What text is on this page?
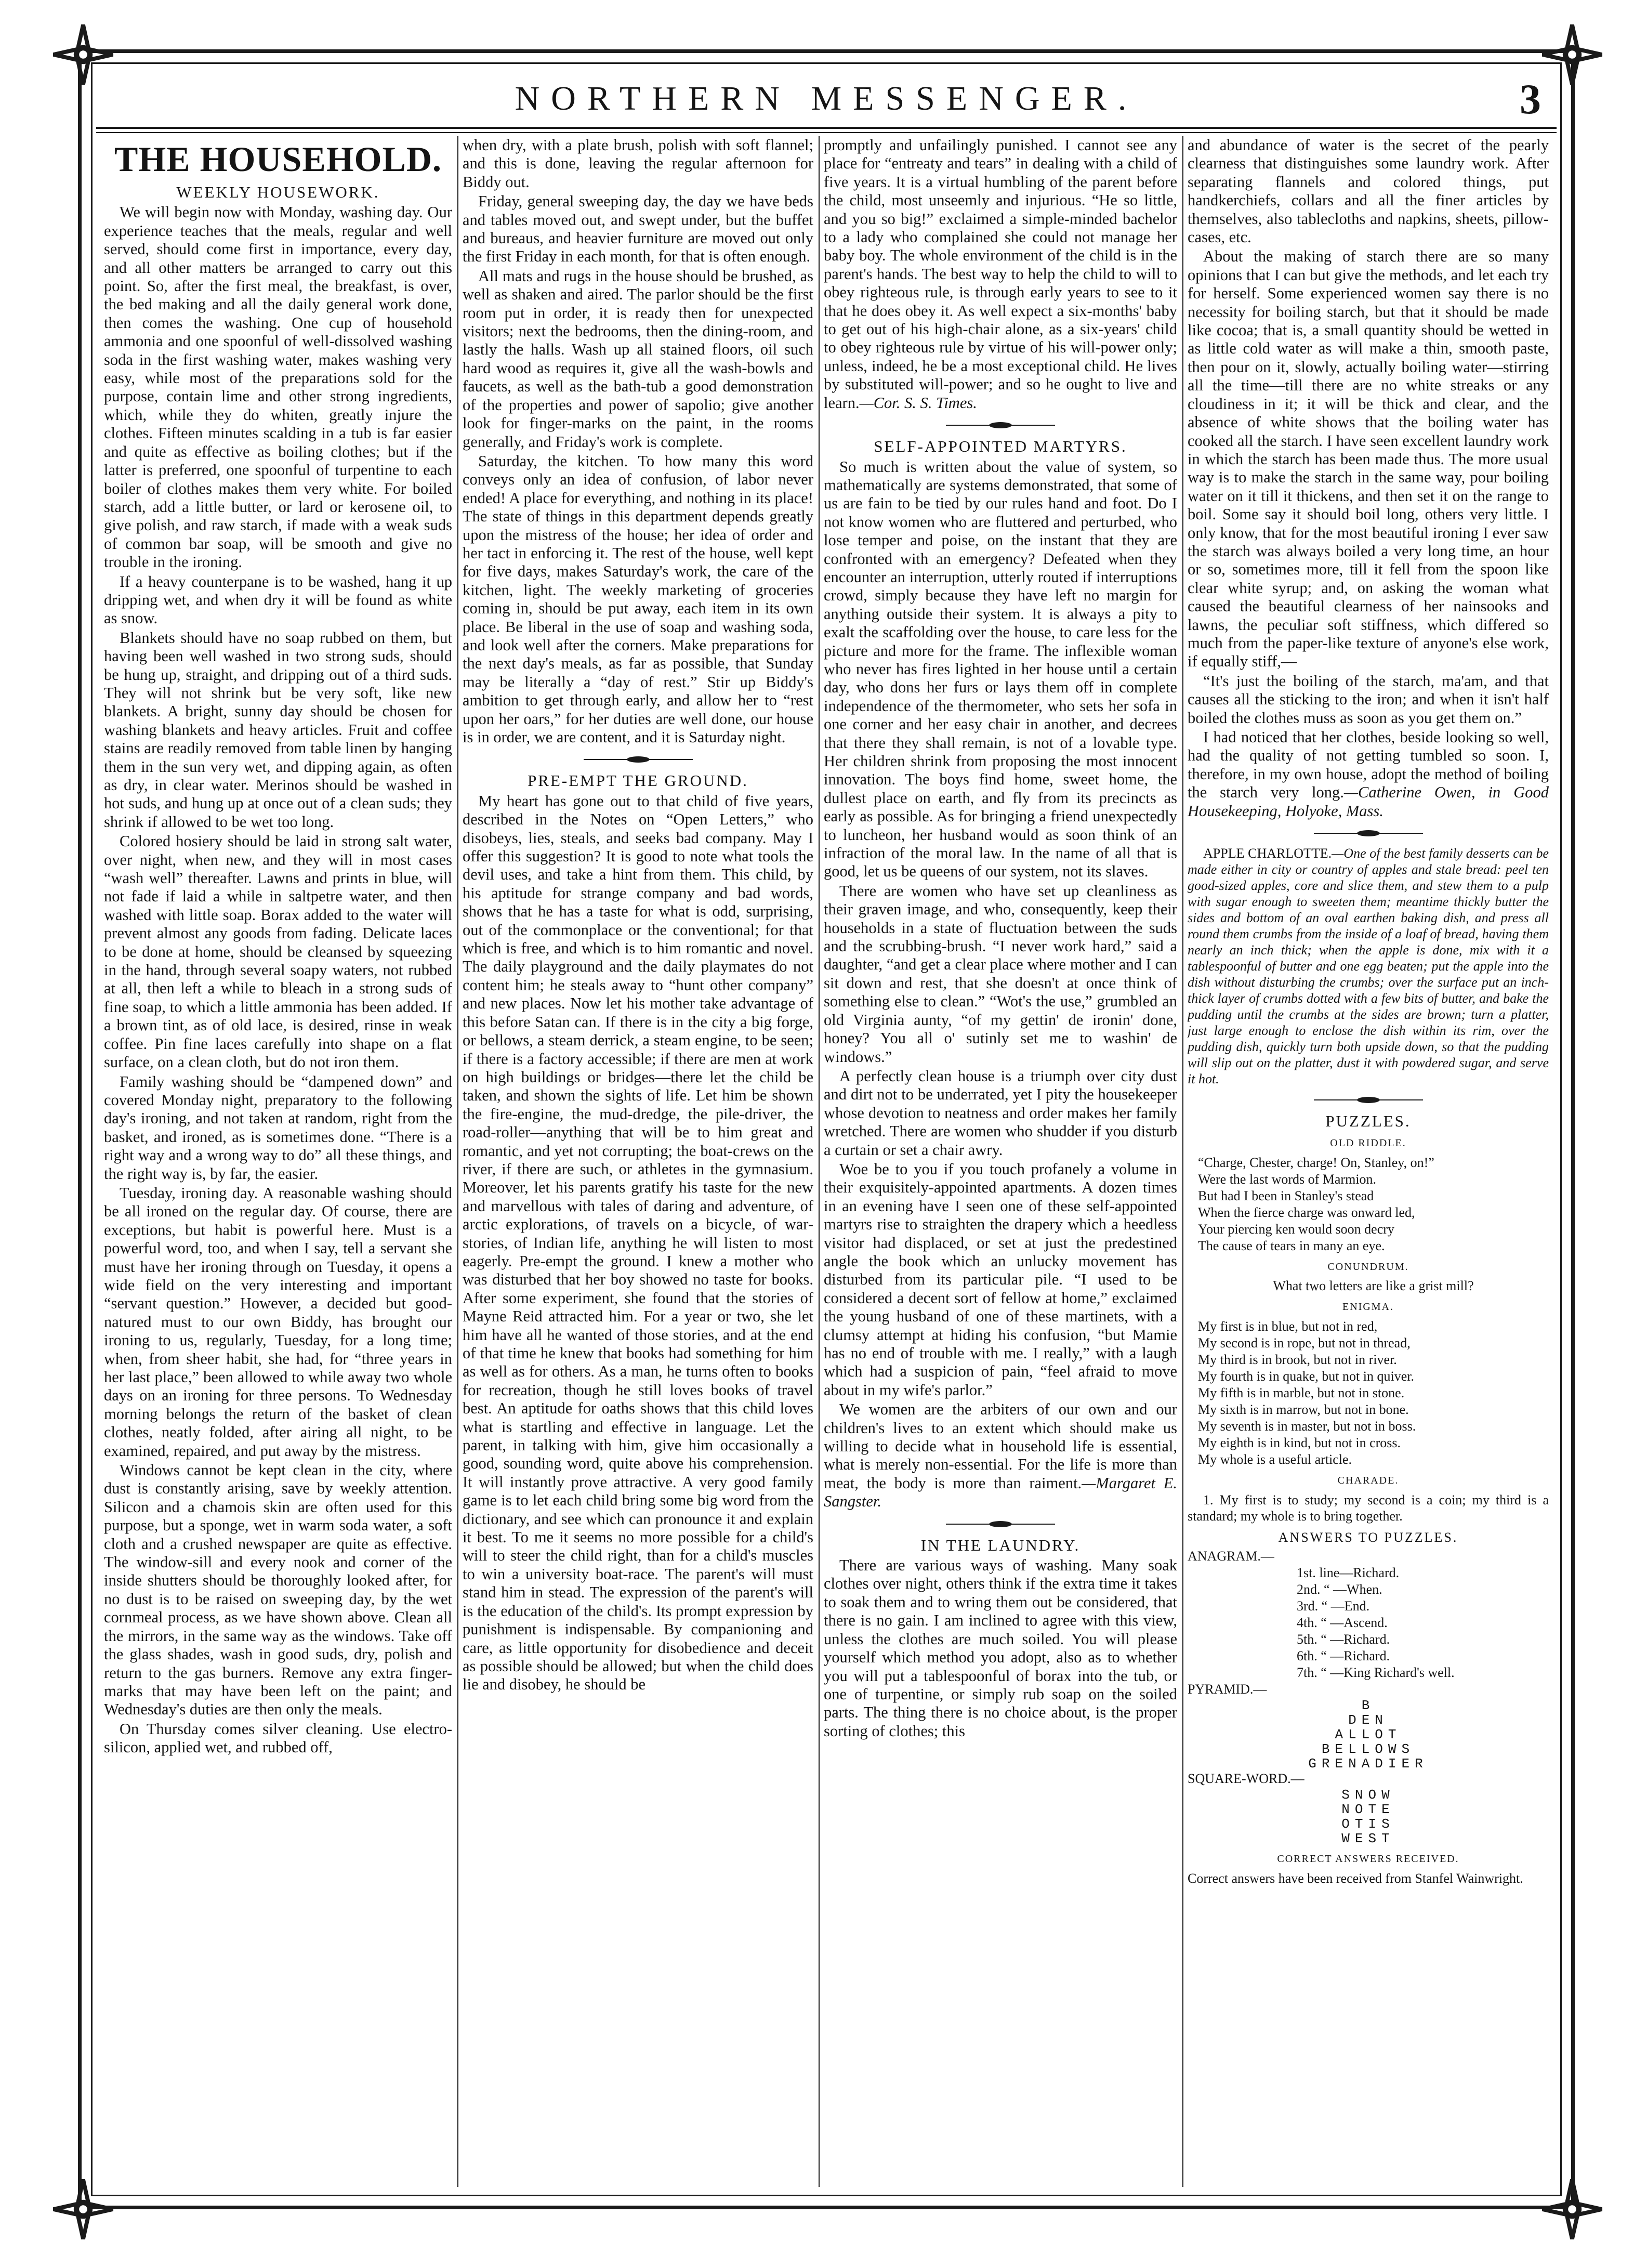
NORTHERN MESSENGER.	3
THE HOUSEHOLD.
WEEKLY HOUSEWORK.

We will begin now with Monday, washing day. Our experience teaches that the meals, regular and well served, should come first in importance, every day, and all other matters be arranged to carry out this point. So, after the first meal, the breakfast, is over, the bed making and all the daily general work done, then comes the washing. One cup of household ammonia and one spoonful of well-dissolved washing soda in the first washing water, makes washing very easy, while most of the preparations sold for the purpose, contain lime and other strong ingredients, which, while they do whiten, greatly injure the clothes. Fifteen minutes scalding in a tub is far easier and quite as effective as boiling clothes; but if the latter is preferred, one spoonful of turpentine to each boiler of clothes makes them very white. For boiled starch, add a little butter, or lard or kerosene oil, to give polish, and raw starch, if made with a weak suds of common bar soap, will be smooth and give no trouble in the ironing.

If a heavy counterpane is to be washed, hang it up dripping wet, and when dry it will be found as white as snow.

Blankets should have no soap rubbed on them, but having been well washed in two strong suds, should be hung up, straight, and dripping out of a third suds. They will not shrink but be very soft, like new blankets. A bright, sunny day should be chosen for washing blankets and heavy articles. Fruit and coffee stains are readily removed from table linen by hanging them in the sun very wet, and dipping again, as often as dry, in clear water. Merinos should be washed in hot suds, and hung up at once out of a clean suds; they shrink if allowed to be wet too long.

Colored hosiery should be laid in strong salt water, over night, when new, and they will in most cases “wash well” thereafter. Lawns and prints in blue, will not fade if laid a while in saltpetre water, and then washed with little soap. Borax added to the water will prevent almost any goods from fading. Delicate laces to be done at home, should be cleansed by squeezing in the hand, through several soapy waters, not rubbed at all, then left a while to bleach in a strong suds of fine soap, to which a little ammonia has been added. If a brown tint, as of old lace, is desired, rinse in weak coffee. Pin fine laces carefully into shape on a flat surface, on a clean cloth, but do not iron them.

Family washing should be “dampened down” and covered Monday night, preparatory to the following day's ironing, and not taken at random, right from the basket, and ironed, as is sometimes done. “There is a right way and a wrong way to do” all these things, and the right way is, by far, the easier.

Tuesday, ironing day. A reasonable washing should be all ironed on the regular day. Of course, there are exceptions, but habit is powerful here. Must is a powerful word, too, and when I say, tell a servant she must have her ironing through on Tuesday, it opens a wide field on the very interesting and important “servant question.” However, a decided but good-natured must to our own Biddy, has brought our ironing to us, regularly, Tuesday, for a long time; when, from sheer habit, she had, for “three years in her last place,” been allowed to while away two whole days on an ironing for three persons. To Wednesday morning belongs the return of the basket of clean clothes, neatly folded, after airing all night, to be examined, repaired, and put away by the mistress.

Windows cannot be kept clean in the city, where dust is constantly arising, save by weekly attention. Silicon and a chamois skin are often used for this purpose, but a sponge, wet in warm soda water, a soft cloth and a crushed newspaper are quite as effective. The window-sill and every nook and corner of the inside shutters should be thoroughly looked after, for no dust is to be raised on sweeping day, by the wet cornmeal process, as we have shown above. Clean all the mirrors, in the same way as the windows. Take off the glass shades, wash in good suds, dry, polish and return to the gas burners. Remove any extra finger-marks that may have been left on the paint; and Wednesday's duties are then only the meals.

On Thursday comes silver cleaning. Use electro-silicon, applied wet, and rubbed off,

when dry, with a plate brush, polish with soft flannel; and this is done, leaving the regular afternoon for Biddy out.

Friday, general sweeping day, the day we have beds and tables moved out, and swept under, but the buffet and bureaus, and heavier furniture are moved out only the first Friday in each month, for that is often enough.

All mats and rugs in the house should be brushed, as well as shaken and aired. The parlor should be the first room put in order, it is ready then for unexpected visitors; next the bedrooms, then the dining-room, and lastly the halls. Wash up all stained floors, oil such hard wood as requires it, give all the wash-bowls and faucets, as well as the bath-tub a good demonstration of the properties and power of sapolio; give another look for finger-marks on the paint, in the rooms generally, and Friday's work is complete.

Saturday, the kitchen. To how many this word conveys only an idea of confusion, of labor never ended! A place for everything, and nothing in its place! The state of things in this department depends greatly upon the mistress of the house; her idea of order and her tact in enforcing it. The rest of the house, well kept for five days, makes Saturday's work, the care of the kitchen, light. The weekly marketing of groceries coming in, should be put away, each item in its own place. Be liberal in the use of soap and washing soda, and look well after the corners. Make preparations for the next day's meals, as far as possible, that Sunday may be literally a “day of rest.” Stir up Biddy's ambition to get through early, and allow her to “rest upon her oars,” for her duties are well done, our house is in order, we are content, and it is Saturday night.

PRE-EMPT THE GROUND.

My heart has gone out to that child of five years, described in the Notes on “Open Letters,” who disobeys, lies, steals, and seeks bad company. May I offer this suggestion? It is good to note what tools the devil uses, and take a hint from them. This child, by his aptitude for strange company and bad words, shows that he has a taste for what is odd, surprising, out of the commonplace or the conventional; for that which is free, and which is to him romantic and novel. The daily playground and the daily playmates do not content him; he steals away to “hunt other company” and new places. Now let his mother take advantage of this before Satan can. If there is in the city a big forge, or bellows, a steam derrick, a steam engine, to be seen; if there is a factory accessible; if there are men at work on high buildings or bridges—there let the child be taken, and shown the sights of life. Let him be shown the fire-engine, the mud-dredge, the pile-driver, the road-roller—anything that will be to him great and romantic, and yet not corrupting; the boat-crews on the river, if there are such, or athletes in the gymnasium. Moreover, let his parents gratify his taste for the new and marvellous with tales of daring and adventure, of arctic explorations, of travels on a bicycle, of war-stories, of Indian life, anything he will listen to most eagerly. Pre-empt the ground. I knew a mother who was disturbed that her boy showed no taste for books. After some experiment, she found that the stories of Mayne Reid attracted him. For a year or two, she let him have all he wanted of those stories, and at the end of that time he knew that books had something for him as well as for others. As a man, he turns often to books for recreation, though he still loves books of travel best. An aptitude for oaths shows that this child loves what is startling and effective in language. Let the parent, in talking with him, give him occasionally a good, sounding word, quite above his comprehension. It will instantly prove attractive. A very good family game is to let each child bring some big word from the dictionary, and see which can pronounce it and explain it best. To me it seems no more possible for a child's will to steer the child right, than for a child's muscles to win a university boat-race. The parent's will must stand him in stead. The expression of the parent's will is the education of the child's. Its prompt expression by punishment is indispensable. By companioning and care, as little opportunity for disobedience and deceit as possible should be allowed; but when the child does lie and disobey, he should be

promptly and unfailingly punished. I cannot see any place for “entreaty and tears” in dealing with a child of five years. It is a virtual humbling of the parent before the child, most unseemly and injurious. “He so little, and you so big!” exclaimed a simple-minded bachelor to a lady who complained she could not manage her baby boy. The whole environment of the child is in the parent's hands. The best way to help the child to will to obey righteous rule, is through early years to see to it that he does obey it. As well expect a six-months' baby to get out of his high-chair alone, as a six-years' child to obey righteous rule by virtue of his will-power only; unless, indeed, he be a most exceptional child. He lives by substituted will-power; and so he ought to live and learn.—Cor. S. S. Times.

SELF-APPOINTED MARTYRS.

So much is written about the value of system, so mathematically are systems demonstrated, that some of us are fain to be tied by our rules hand and foot. Do I not know women who are fluttered and perturbed, who lose temper and poise, on the instant that they are confronted with an emergency? Defeated when they encounter an interruption, utterly routed if interruptions crowd, simply because they have left no margin for anything outside their system. It is always a pity to exalt the scaffolding over the house, to care less for the picture and more for the frame. The inflexible woman who never has fires lighted in her house until a certain day, who dons her furs or lays them off in complete independence of the thermometer, who sets her sofa in one corner and her easy chair in another, and decrees that there they shall remain, is not of a lovable type. Her children shrink from proposing the most innocent innovation. The boys find home, sweet home, the dullest place on earth, and fly from its precincts as early as possible. As for bringing a friend unexpectedly to luncheon, her husband would as soon think of an infraction of the moral law. In the name of all that is good, let us be queens of our system, not its slaves.

There are women who have set up cleanliness as their graven image, and who, consequently, keep their households in a state of fluctuation between the suds and the scrubbing-brush. “I never work hard,” said a daughter, “and get a clear place where mother and I can sit down and rest, that she doesn't at once think of something else to clean.” “Wot's the use,” grumbled an old Virginia aunty, “of my gettin' de ironin' done, honey? You all o' sutinly set me to washin' de windows.”

A perfectly clean house is a triumph over city dust and dirt not to be underrated, yet I pity the housekeeper whose devotion to neatness and order makes her family wretched. There are women who shudder if you disturb a curtain or set a chair awry.

Woe be to you if you touch profanely a volume in their exquisitely-appointed apartments. A dozen times in an evening have I seen one of these self-appointed martyrs rise to straighten the drapery which a heedless visitor had displaced, or set at just the predestined angle the book which an unlucky movement has disturbed from its particular pile. “I used to be considered a decent sort of fellow at home,” exclaimed the young husband of one of these martinets, with a clumsy attempt at hiding his confusion, “but Mamie has no end of trouble with me. I really,” with a laugh which had a suspicion of pain, “feel afraid to move about in my wife's parlor.”

We women are the arbiters of our own and our children's lives to an extent which should make us willing to decide what in household life is essential, what is merely non-essential. For the life is more than meat, the body is more than raiment.—Margaret E. Sangster.

IN THE LAUNDRY.

There are various ways of washing. Many soak clothes over night, others think if the extra time it takes to soak them and to wring them out be considered, that there is no gain. I am inclined to agree with this view, unless the clothes are much soiled. You will please yourself which method you adopt, also as to whether you will put a tablespoonful of borax into the tub, or one of turpentine, or simply rub soap on the soiled parts. The thing there is no choice about, is the proper sorting of clothes; this

and abundance of water is the secret of the pearly clearness that distinguishes some laundry work. After separating flannels and colored things, put handkerchiefs, collars and all the finer articles by themselves, also tablecloths and napkins, sheets, pillow-cases, etc.

About the making of starch there are so many opinions that I can but give the methods, and let each try for herself. Some experienced women say there is no necessity for boiling starch, but that it should be made like cocoa; that is, a small quantity should be wetted in as little cold water as will make a thin, smooth paste, then pour on it, slowly, actually boiling water—stirring all the time—till there are no white streaks or any cloudiness in it; it will be thick and clear, and the absence of white shows that the boiling water has cooked all the starch. I have seen excellent laundry work in which the starch has been made thus. The more usual way is to make the starch in the same way, pour boiling water on it till it thickens, and then set it on the range to boil. Some say it should boil long, others very little. I only know, that for the most beautiful ironing I ever saw the starch was always boiled a very long time, an hour or so, sometimes more, till it fell from the spoon like clear white syrup; and, on asking the woman what caused the beautiful clearness of her nainsooks and lawns, the peculiar soft stiffness, which differed so much from the paper-like texture of anyone's else work, if equally stiff,—

“It's just the boiling of the starch, ma'am, and that causes all the sticking to the iron; and when it isn't half boiled the clothes muss as soon as you get them on.”

I had noticed that her clothes, beside looking so well, had the quality of not getting tumbled so soon. I, therefore, in my own house, adopt the method of boiling the starch very long.—Catherine Owen, in Good Housekeeping, Holyoke, Mass.

APPLE CHARLOTTE.—One of the best family desserts can be made either in city or country of apples and stale bread: peel ten good-sized apples, core and slice them, and stew them to a pulp with sugar enough to sweeten them; meantime thickly butter the sides and bottom of an oval earthen baking dish, and press all round them crumbs from the inside of a loaf of bread, having them nearly an inch thick; when the apple is done, mix with it a tablespoonful of butter and one egg beaten; put the apple into the dish without disturbing the crumbs; over the surface put an inch-thick layer of crumbs dotted with a few bits of butter, and bake the pudding until the crumbs at the sides are brown; turn a platter, just large enough to enclose the dish within its rim, over the pudding dish, quickly turn both upside down, so that the pudding will slip out on the platter, dust it with powdered sugar, and serve it hot.

PUZZLES.
OLD RIDDLE.

“Charge, Chester, charge! On, Stanley, on!”

Were the last words of Marmion.

But had I been in Stanley's stead

When the fierce charge was onward led,

Your piercing ken would soon decry

The cause of tears in many an eye.

CONUNDRUM.

What two letters are like a grist mill?

ENIGMA.

My first is in blue, but not in red,

My second is in rope, but not in thread,

My third is in brook, but not in river.

My fourth is in quake, but not in quiver.

My fifth is in marble, but not in stone.

My sixth is in marrow, but not in bone.

My seventh is in master, but not in boss.

My eighth is in kind, but not in cross.

My whole is a useful article.

CHARADE.

1. My first is to study; my second is a coin; my third is a standard; my whole is to bring together.

ANSWERS TO PUZZLES.

ANAGRAM.—

1st. line—Richard.

2nd. “ —When.

3rd. “ —End.

4th. “ —Ascend.

5th. “ —Richard.

6th. “ —Richard.

7th. “ —King Richard's well.

PYRAMID.—

B
DEN
ALLOT
BELLOWS
GRENADIER

SQUARE-WORD.—

SNOW
NOTE
OTIS
WEST
CORRECT ANSWERS RECEIVED.

Correct answers have been received from Stanfel Wainwright.
